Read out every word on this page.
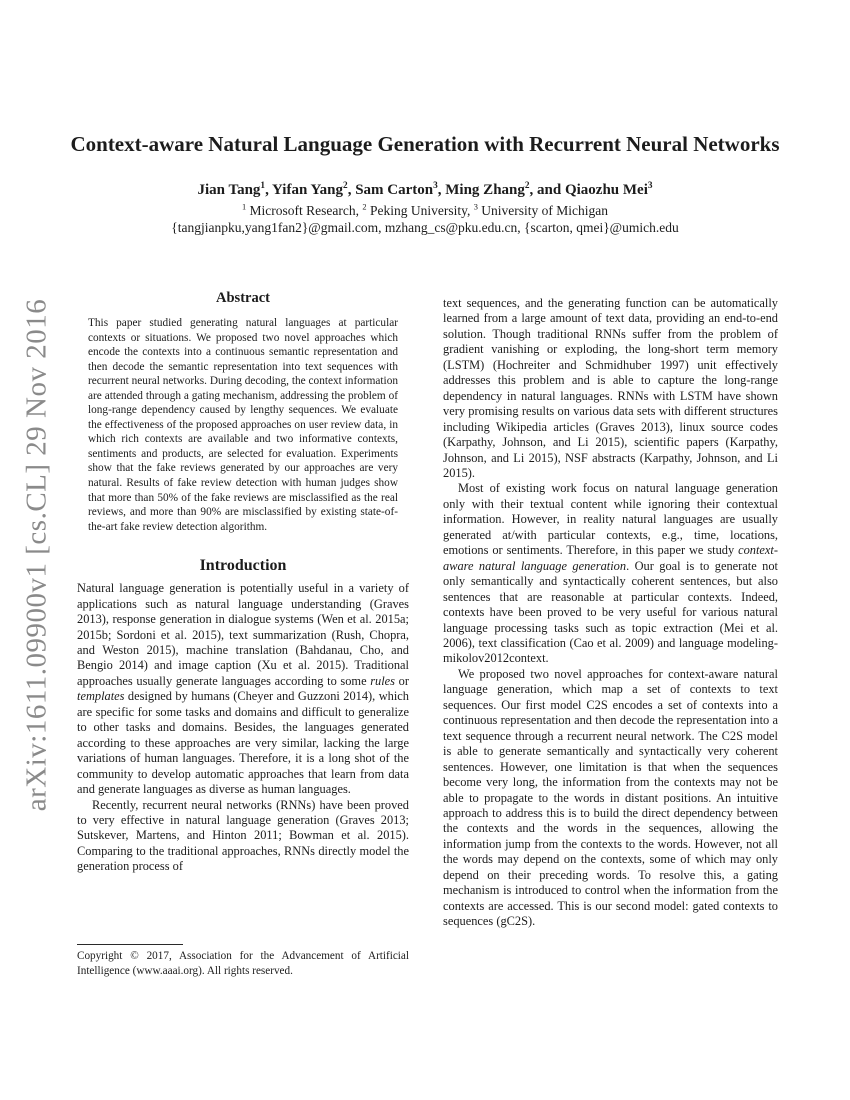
arXiv:1611.09900v1 [cs.CL] 29 Nov 2016
Context-aware Natural Language Generation with Recurrent Neural Networks
Jian Tang$^1$, Yifan Yang$^2$, Sam Carton$^3$, Ming Zhang$^2$, and Qiaozhu Mei$^3$
$^1$ Microsoft Research, $^2$ Peking University, $^3$ University of Michigan
{tangjianpku,yang1fan2}@gmail.com, mzhang_cs@pku.edu.cn, {scarton, qmei}@umich.edu
Abstract

This paper studied generating natural languages at particular contexts or situations. We proposed two novel approaches which encode the contexts into a continuous semantic representation and then decode the semantic representation into text sequences with recurrent neural networks. During decoding, the context information are attended through a gating mechanism, addressing the problem of long-range dependency caused by lengthy sequences. We evaluate the effectiveness of the proposed approaches on user review data, in which rich contexts are available and two informative contexts, sentiments and products, are selected for evaluation. Experiments show that the fake reviews generated by our approaches are very natural. Results of fake review detection with human judges show that more than 50% of the fake reviews are misclassified as the real reviews, and more than 90% are misclassified by existing state-of-the-art fake review detection algorithm.

Introduction

Natural language generation is potentially useful in a variety of applications such as natural language understanding (Graves 2013), response generation in dialogue systems (Wen et al. 2015a; 2015b; Sordoni et al. 2015), text summarization (Rush, Chopra, and Weston 2015), machine translation (Bahdanau, Cho, and Bengio 2014) and image caption (Xu et al. 2015). Traditional approaches usually generate languages according to some rules or templates designed by humans (Cheyer and Guzzoni 2014), which are specific for some tasks and domains and difficult to generalize to other tasks and domains. Besides, the languages generated according to these approaches are very similar, lacking the large variations of human languages. Therefore, it is a long shot of the community to develop automatic approaches that learn from data and generate languages as diverse as human languages.

Recently, recurrent neural networks (RNNs) have been proved to very effective in natural language generation (Graves 2013; Sutskever, Martens, and Hinton 2011; Bowman et al. 2015). Comparing to the traditional approaches, RNNs directly model the generation process of

text sequences, and the generating function can be automatically learned from a large amount of text data, providing an end-to-end solution. Though traditional RNNs suffer from the problem of gradient vanishing or exploding, the long-short term memory (LSTM) (Hochreiter and Schmidhuber 1997) unit effectively addresses this problem and is able to capture the long-range dependency in natural languages. RNNs with LSTM have shown very promising results on various data sets with different structures including Wikipedia articles (Graves 2013), linux source codes (Karpathy, Johnson, and Li 2015), scientific papers (Karpathy, Johnson, and Li 2015), NSF abstracts (Karpathy, Johnson, and Li 2015).

Most of existing work focus on natural language generation only with their textual content while ignoring their contextual information. However, in reality natural languages are usually generated at/with particular contexts, e.g., time, locations, emotions or sentiments. Therefore, in this paper we study context-aware natural language generation. Our goal is to generate not only semantically and syntactically coherent sentences, but also sentences that are reasonable at particular contexts. Indeed, contexts have been proved to be very useful for various natural language processing tasks such as topic extraction (Mei et al. 2006), text classification (Cao et al. 2009) and language modeling-mikolov2012context.

We proposed two novel approaches for context-aware natural language generation, which map a set of contexts to text sequences. Our first model C2S encodes a set of contexts into a continuous representation and then decode the representation into a text sequence through a recurrent neural network. The C2S model is able to generate semantically and syntactically very coherent sentences. However, one limitation is that when the sequences become very long, the information from the contexts may not be able to propagate to the words in distant positions. An intuitive approach to address this is to build the direct dependency between the contexts and the words in the sequences, allowing the information jump from the contexts to the words. However, not all the words may depend on the contexts, some of which may only depend on their preceding words. To resolve this, a gating mechanism is introduced to control when the information from the contexts are accessed. This is our second model: gated contexts to sequences (gC2S).

Copyright © 2017, Association for the Advancement of Artificial Intelligence (www.aaai.org). All rights reserved.
